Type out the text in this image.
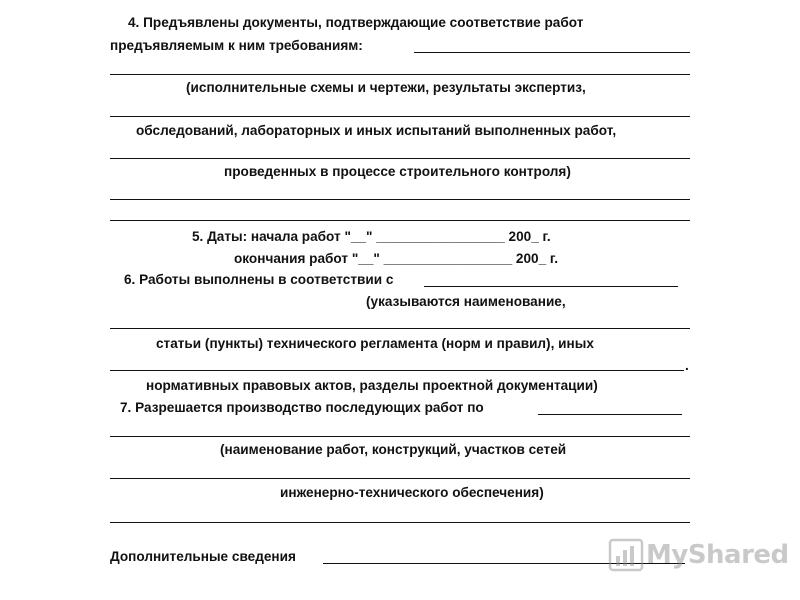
4. Предъявлены документы, подтверждающие соответствие работ
предъявляемым к ним требованиям:
(исполнительные схемы и чертежи, результаты экспертиз,
обследований, лабораторных и иных испытаний выполненных работ,
проведенных в процессе строительного контроля)
5. Даты: начала работ "__" _________________ 200_ г.
окончания работ "__" _________________ 200_ г.
6. Работы выполнены в соответствии с
(указываются наименование,
статьи (пункты) технического регламента (норм и правил), иных
.
нормативных правовых актов, разделы проектной документации)
7. Разрешается производство последующих работ по
(наименование работ, конструкций, участков сетей
инженерно-технического обеспечения)
Дополнительные сведения	MyShared
